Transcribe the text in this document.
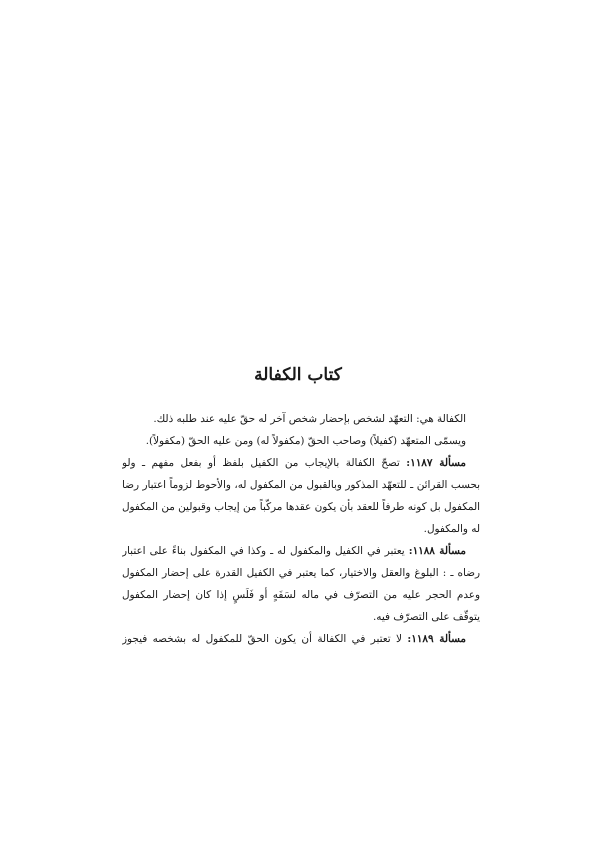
كتاب الكفالة
الكفالة هي: التعهّد لشخص بإحضار شخص آخر له حقّ عليه عند طلبه ذلك.
ويسمّى المتعهّد (كفيلاً) وصاحب الحقّ (مكفولاً له) ومن عليه الحقّ (مكفولاً).
مسألة ١١٨٧: تصحّ الكفالة بالإيجاب من الكفيل بلفظ أو بفعل مفهم ـ ولو
بحسب القرائن ـ للتعهّد المذكور وبالقبول من المكفول له، والأحوط لزوماً اعتبار رضا
المكفول بل كونه طرفاً للعقد بأن يكون عقدها مركّباً من إيجاب وقبولين من المكفول
له والمكفول.
مسألة ١١٨٨: يعتبر في الكفيل والمكفول له ـ وكذا في المكفول بناءً على اعتبار
رضاه ـ : البلوغ والعقل والاختيار، كما يعتبر في الكفيل القدرة على إحضار المكفول
وعدم الحجر عليه من التصرّف في ماله لسَفَهٍ أو فَلَسٍ إذا كان إحضار المكفول
يتوقّف على التصرّف فيه.
مسألة ١١٨٩: لا تعتبر في الكفالة أن يكون الحقّ للمكفول له بشخصه فيجوز
